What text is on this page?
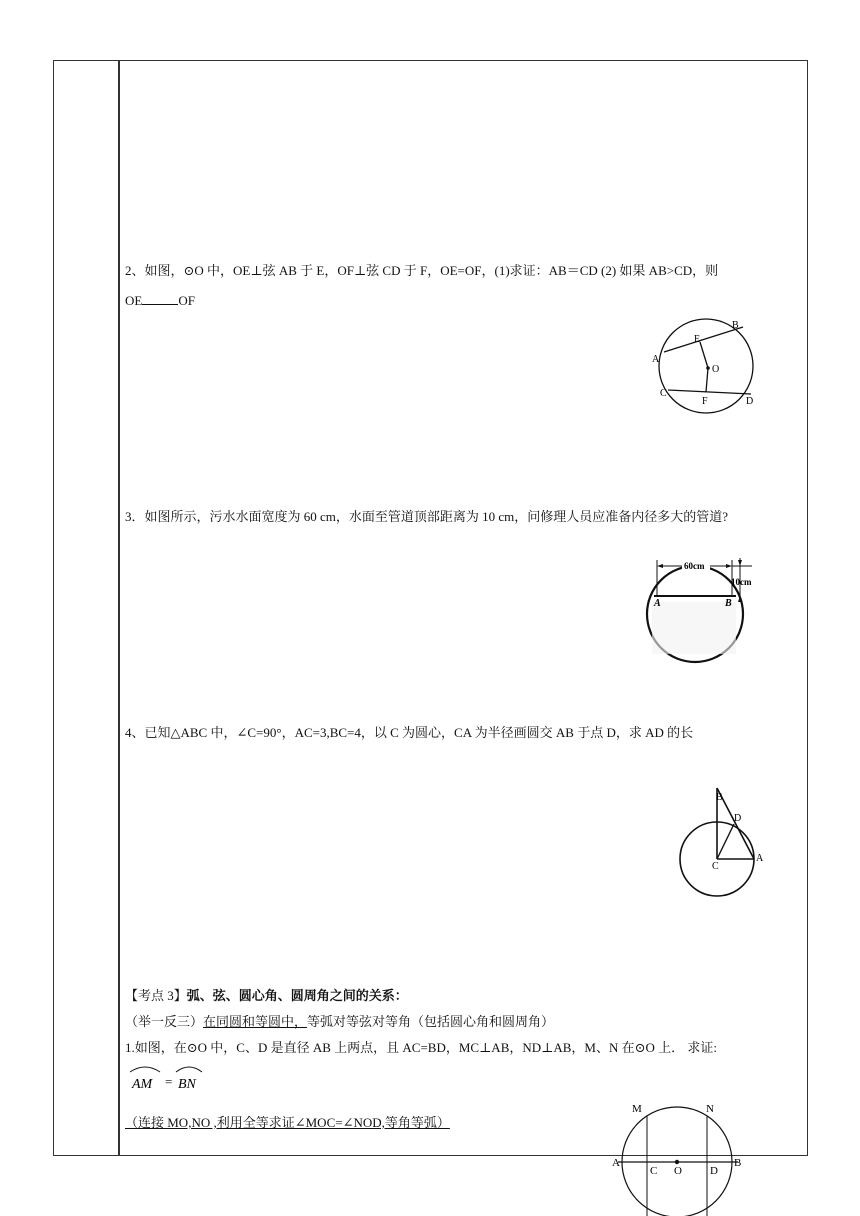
2、如图，⊙O 中，OE⊥弦 AB 于 E，OF⊥弦 CD 于 F，OE=OF，(1)求证：AB＝CD (2) 如果 AB>CD，则
OE	OF
A
B
C
D
E
F
O
3．如图所示，污水水面宽度为 60 cm，水面至管道顶部距离为 10 cm，问修理人员应准备内径多大的管道?
60cm
10cm
A	B
4、已知△ABC 中，∠C=90°，AC=3,BC=4，以 C 为圆心，CA 为半径画圆交 AB 于点 D，求 AD 的长
B
D
C
A
【考点 3】弧、弦、圆心角、圆周角之间的关系：
（举一反三）在同圆和等圆中，等弧对等弦对等角（包括圆心角和圆周角）
1.如图，在⊙O 中，C、D 是直径 AB 上两点，且 AC=BD，MC⊥AB，ND⊥AB，M、N 在⊙O 上． 求证:
AM = BN
（连接 MO,NO ,利用全等求证∠MOC=∠NOD,等角等弧）
M	N
A	B
C O	D
